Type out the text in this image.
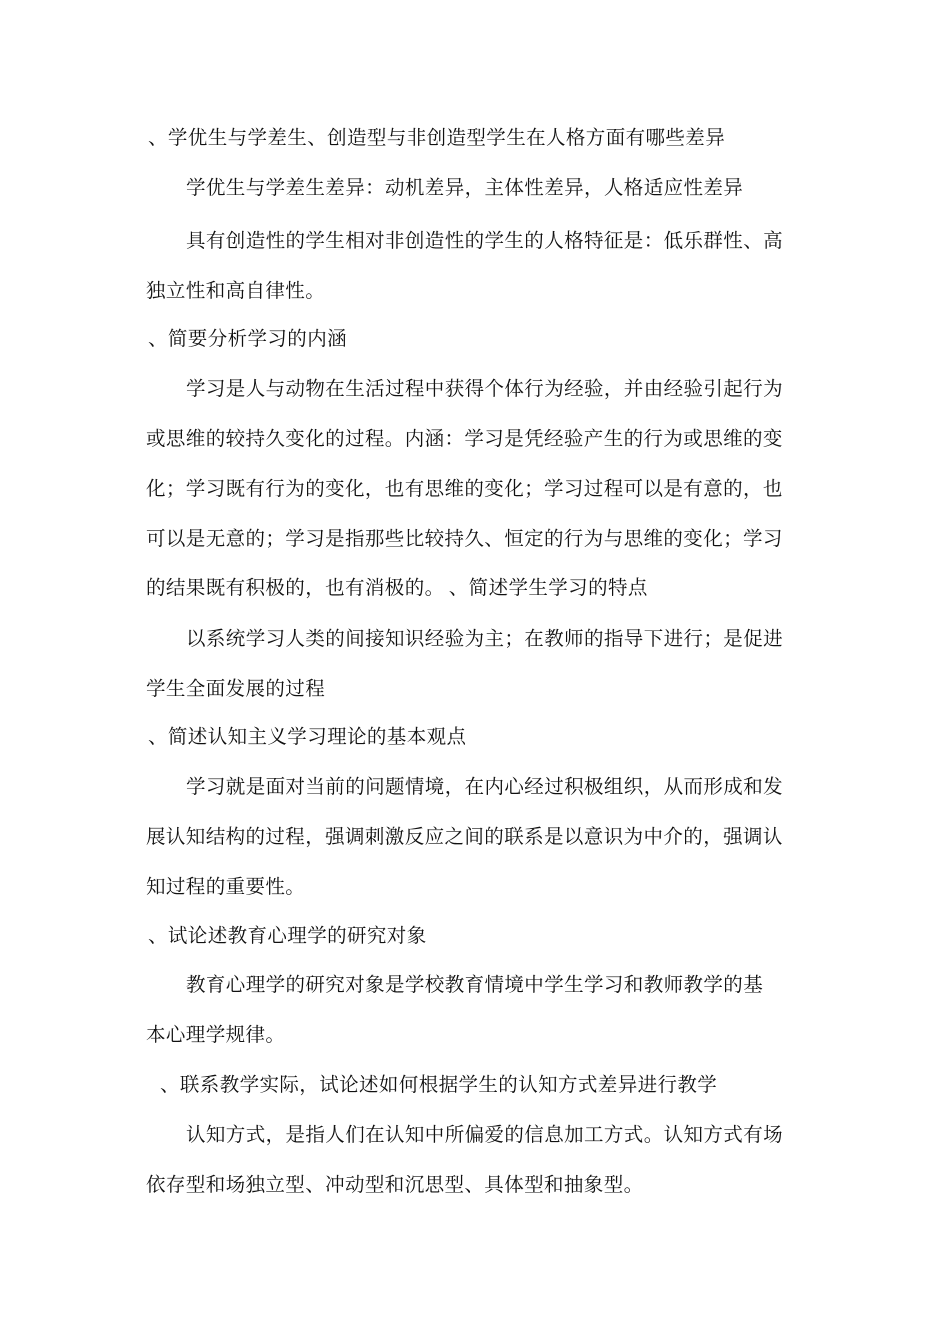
、学优生与学差生、创造型与非创造型学生在人格方面有哪些差异
学优生与学差生差异：动机差异，主体性差异，人格适应性差异
具有创造性的学生相对非创造性的学生的人格特征是：低乐群性、高
独立性和高自律性。
、简要分析学习的内涵
学习是人与动物在生活过程中获得个体行为经验，并由经验引起行为
或思维的较持久变化的过程。内涵：学习是凭经验产生的行为或思维的变
化；学习既有行为的变化，也有思维的变化；学习过程可以是有意的，也
可以是无意的；学习是指那些比较持久、恒定的行为与思维的变化；学习
的结果既有积极的，也有消极的。 、简述学生学习的特点
以系统学习人类的间接知识经验为主；在教师的指导下进行；是促进
学生全面发展的过程
、简述认知主义学习理论的基本观点
学习就是面对当前的问题情境，在内心经过积极组织，从而形成和发
展认知结构的过程，强调刺激反应之间的联系是以意识为中介的，强调认
知过程的重要性。
、试论述教育心理学的研究对象
教育心理学的研究对象是学校教育情境中学生学习和教师教学的基
本心理学规律。
、联系教学实际，试论述如何根据学生的认知方式差异进行教学
认知方式，是指人们在认知中所偏爱的信息加工方式。认知方式有场
依存型和场独立型、冲动型和沉思型、具体型和抽象型。
